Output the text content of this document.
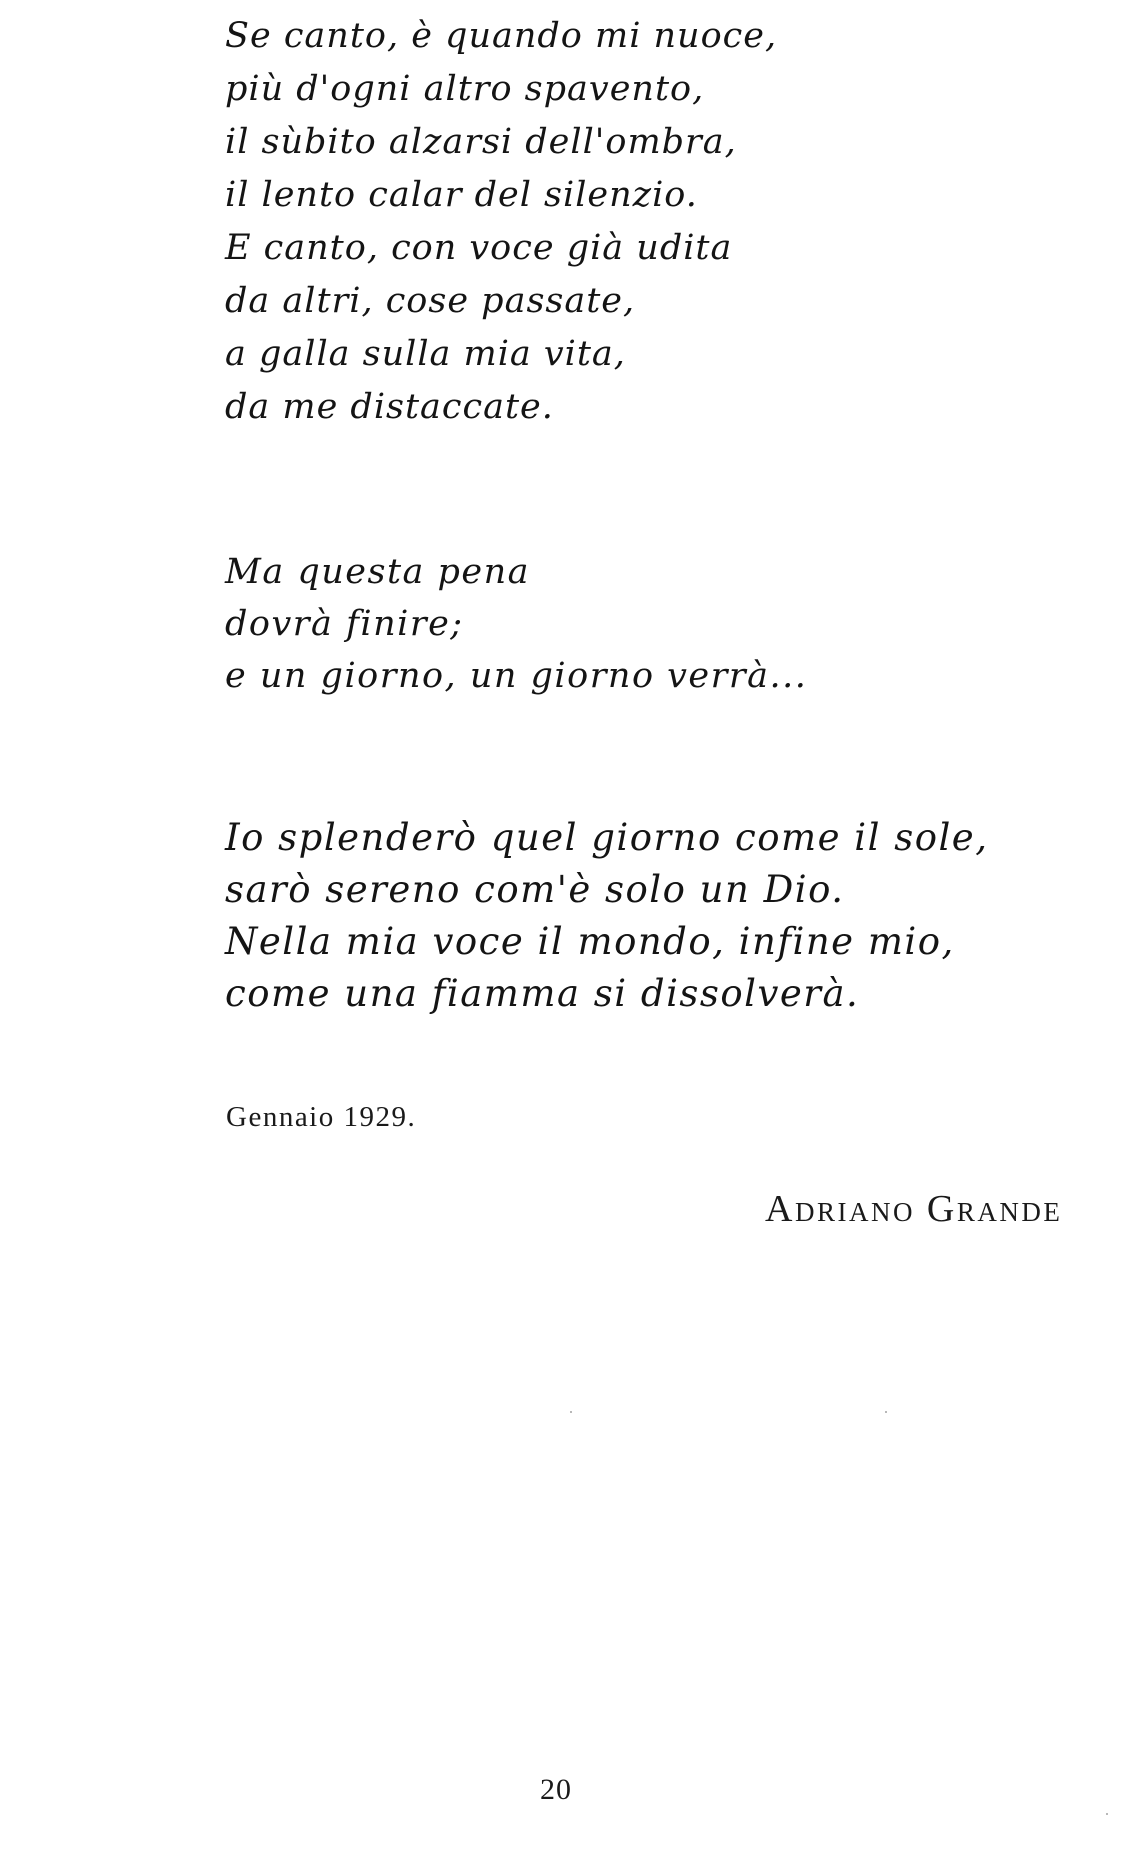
Se canto, è quando mi nuoce,
più d'ogni altro spavento,
il sùbito alzarsi dell'ombra,
il lento calar del silenzio.
E canto, con voce già udita
da altri, cose passate,
a galla sulla mia vita,
da me distaccate.
Ma questa pena
dovrà finire;
e un giorno, un giorno verrà...
Io splenderò quel giorno come il sole,
sarò sereno com'è solo un Dio.
Nella mia voce il mondo, infine mio,
come una fiamma si dissolverà.
Gennaio 1929.
Adriano Grande
20
